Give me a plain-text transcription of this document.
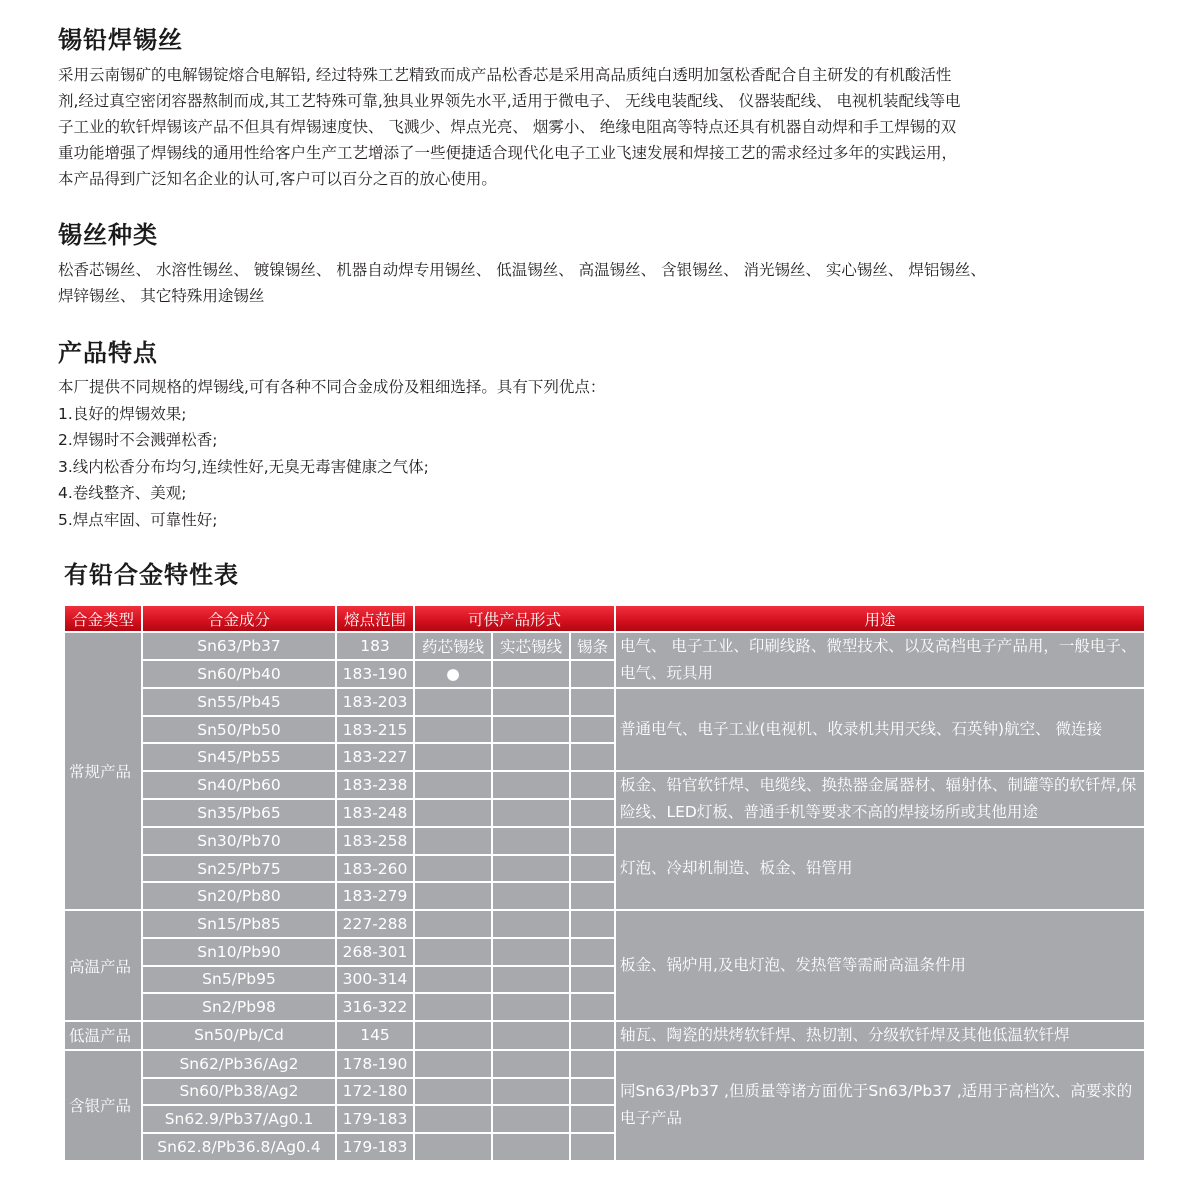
锡铅焊锡丝
采用云南锡矿的电解锡锭熔合电解铅, 经过特殊工艺精致而成产品松香芯是采用高品质纯白透明加氢松香配合自主研发的有机酸活性
剂,经过真空密闭容器熬制而成,其工艺特殊可靠,独具业界领先水平,适用于微电子、 无线电装配线、 仪器装配线、 电视机装配线等电
子工业的软钎焊锡该产品不但具有焊锡速度快、 飞溅少、焊点光亮、 烟雾小、 绝缘电阻高等特点还具有机器自动焊和手工焊锡的双
重功能增强了焊锡线的通用性给客户生产工艺增添了一些便捷适合现代化电子工业飞速发展和焊接工艺的需求经过多年的实践运用，
本产品得到广泛知名企业的认可,客户可以百分之百的放心使用。
锡丝种类
松香芯锡丝、 水溶性锡丝、 镀镍锡丝、 机器自动焊专用锡丝、 低温锡丝、 高温锡丝、 含银锡丝、 消光锡丝、 实心锡丝、 焊铝锡丝、
焊锌锡丝、 其它特殊用途锡丝
产品特点
本厂提供不同规格的焊锡线,可有各种不同合金成份及粗细选择。具有下列优点：
1.良好的焊锡效果;
2.焊锡时不会溅弹松香;
3.线内松香分布均匀,连续性好,无臭无毒害健康之气体;
4.卷线整齐、美观;
5.焊点牢固、可靠性好;
有铅合金特性表
合金类型	合金成分	熔点范围	可供产品形式			用途
常规产品	Sn63/Pb37	183	药芯锡线	实芯锡线	锡条	电气、 电子工业、印刷线路、微型技术、以及高档电子产品用，一般电子、电气、玩具用
	Sn60/Pb40	183-190	●			
	Sn55/Pb45	183-203				普通电气、电子工业(电视机、收录机共用天线、石英钟)航空、 微连接
	Sn50/Pb50	183-215				
	Sn45/Pb55	183-227				
	Sn40/Pb60	183-238				板金、铅官软钎焊、电缆线、换热器金属器材、辐射体、制罐等的软钎焊,保险线、LED灯板、普通手机等要求不高的焊接场所或其他用途
	Sn35/Pb65	183-248				
	Sn30/Pb70	183-258				灯泡、冷却机制造、板金、铅管用
	Sn25/Pb75	183-260				
	Sn20/Pb80	183-279				
高温产品	Sn15/Pb85	227-288				板金、锅炉用,及电灯泡、发热管等需耐高温条件用
	Sn10/Pb90	268-301				
	Sn5/Pb95	300-314				
	Sn2/Pb98	316-322				
低温产品	Sn50/Pb/Cd	145				轴瓦、陶瓷的烘烤软钎焊、热切割、分级软钎焊及其他低温软钎焊
含银产品	Sn62/Pb36/Ag2	178-190				同Sn63/Pb37 ,但质量等诸方面优于Sn63/Pb37 ,适用于高档次、高要求的电子产品
	Sn60/Pb38/Ag2	172-180				
	Sn62.9/Pb37/Ag0.1	179-183				
	Sn62.8/Pb36.8/Ag0.4	179-183				
